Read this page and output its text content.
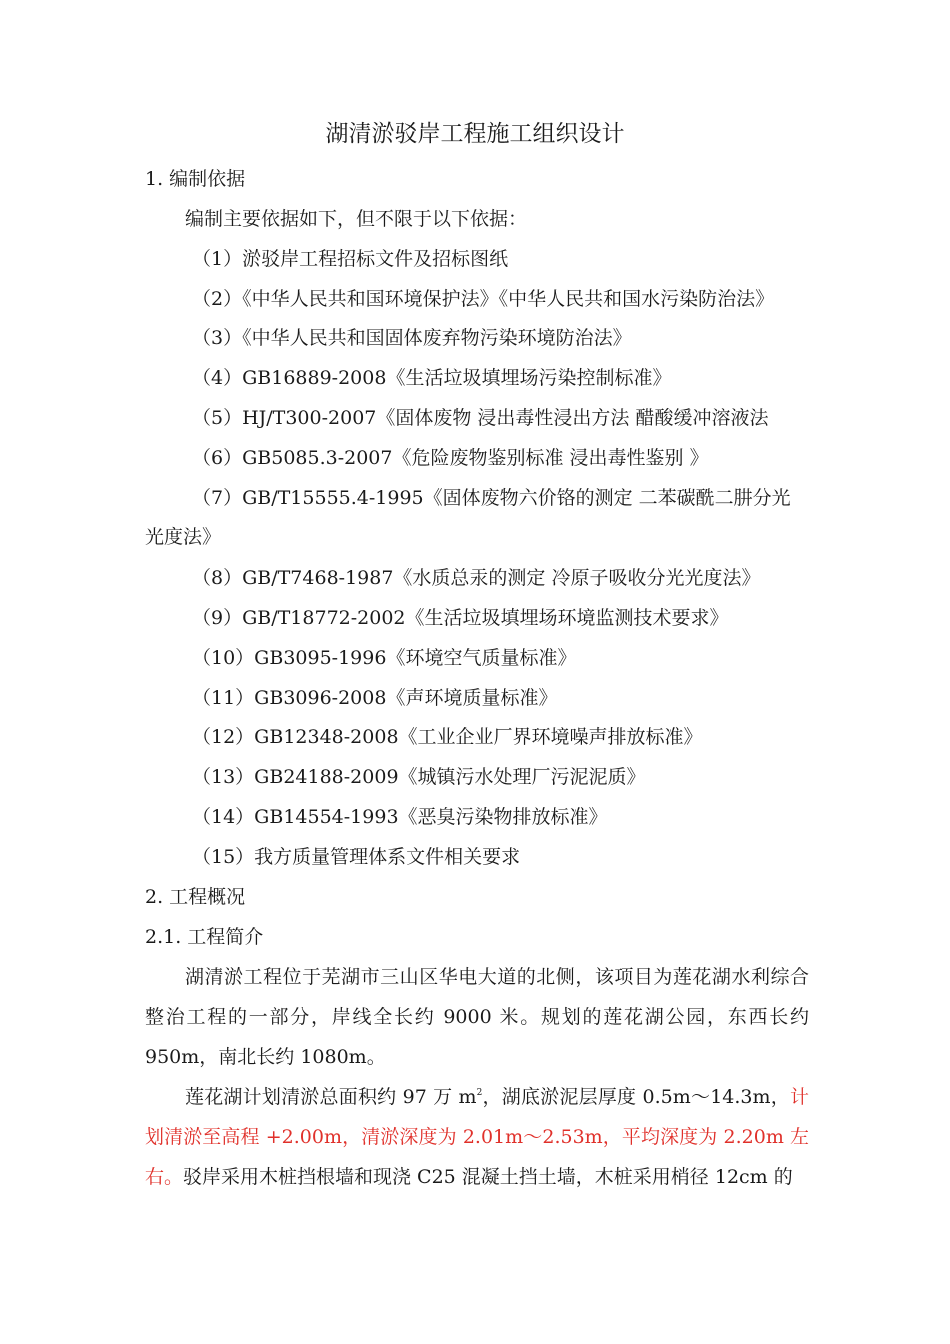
湖清淤驳岸工程施工组织设计
1. 编制依据
编制主要依据如下，但不限于以下依据：
（1）淤驳岸工程招标文件及招标图纸
（2）《中华人民共和国环境保护法》《中华人民共和国水污染防治法》
（3）《中华人民共和国固体废弃物污染环境防治法》
（4）GB16889-2008《生活垃圾填埋场污染控制标准》
（5）HJ/T300-2007《固体废物 浸出毒性浸出方法 醋酸缓冲溶液法
（6）GB5085.3-2007《危险废物鉴别标准 浸出毒性鉴别 》
（7）GB/T15555.4-1995《固体废物六价铬的测定 二苯碳酰二肼分光
光度法》
（8）GB/T7468-1987《水质总汞的测定 冷原子吸收分光光度法》
（9）GB/T18772-2002《生活垃圾填埋场环境监测技术要求》
（10）GB3095-1996《环境空气质量标准》
（11）GB3096-2008《声环境质量标准》
（12）GB12348-2008《工业企业厂界环境噪声排放标准》
（13）GB24188-2009《城镇污水处理厂污泥泥质》
（14）GB14554-1993《恶臭污染物排放标准》
（15）我方质量管理体系文件相关要求
2. 工程概况
2.1. 工程简介
湖清淤工程位于芜湖市三山区华电大道的北侧，该项目为莲花湖水利综合整治工程的一部分，岸线全长约 9000 米。规划的莲花湖公园，东西长约 950m，南北长约 1080m。
莲花湖计划清淤总面积约 97 万 $m^2$，湖底淤泥层厚度 0.5m～14.3m，计划清淤至高程 +2.00m，清淤深度为 2.01m～2.53m，平均深度为 2.20m 左右。驳岸采用木桩挡根墙和现浇 C25 混凝土挡土墙，木桩采用梢径 12cm 的
